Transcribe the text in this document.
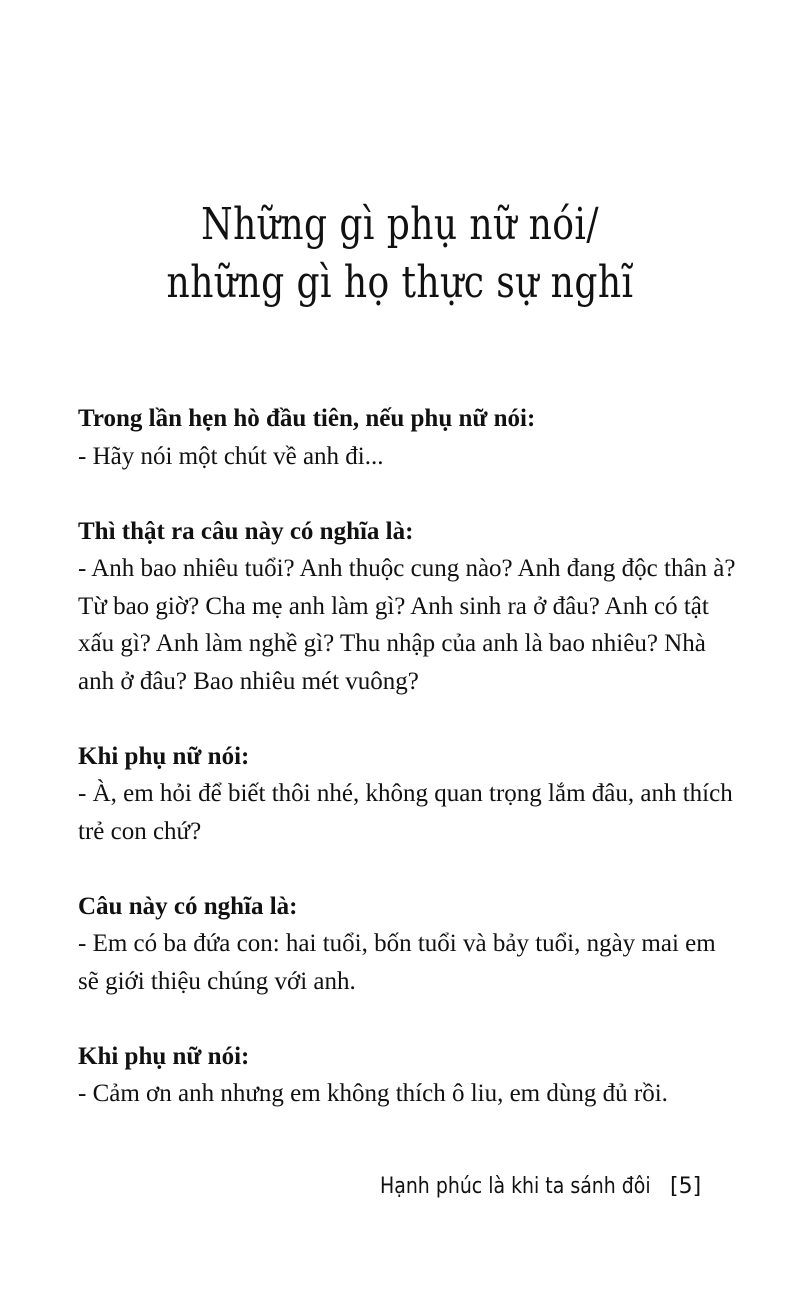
Những gì phụ nữ nói/
những gì họ thực sự nghĩ

Trong lần hẹn hò đầu tiên, nếu phụ nữ nói:

- Hãy nói một chút về anh đi...

Thì thật ra câu này có nghĩa là:

- Anh bao nhiêu tuổi? Anh thuộc cung nào? Anh đang độc thân à? Từ bao giờ? Cha mẹ anh làm gì? Anh sinh ra ở đâu? Anh có tật xấu gì? Anh làm nghề gì? Thu nhập của anh là bao nhiêu? Nhà anh ở đâu? Bao nhiêu mét vuông?

Khi phụ nữ nói:

- À, em hỏi để biết thôi nhé, không quan trọng lắm đâu, anh thích trẻ con chứ?

Câu này có nghĩa là:

- Em có ba đứa con: hai tuổi, bốn tuổi và bảy tuổi, ngày mai em sẽ giới thiệu chúng với anh.

Khi phụ nữ nói:

- Cảm ơn anh nhưng em không thích ô liu, em dùng đủ rồi.

Hạnh phúc là khi ta sánh đôi [5]
